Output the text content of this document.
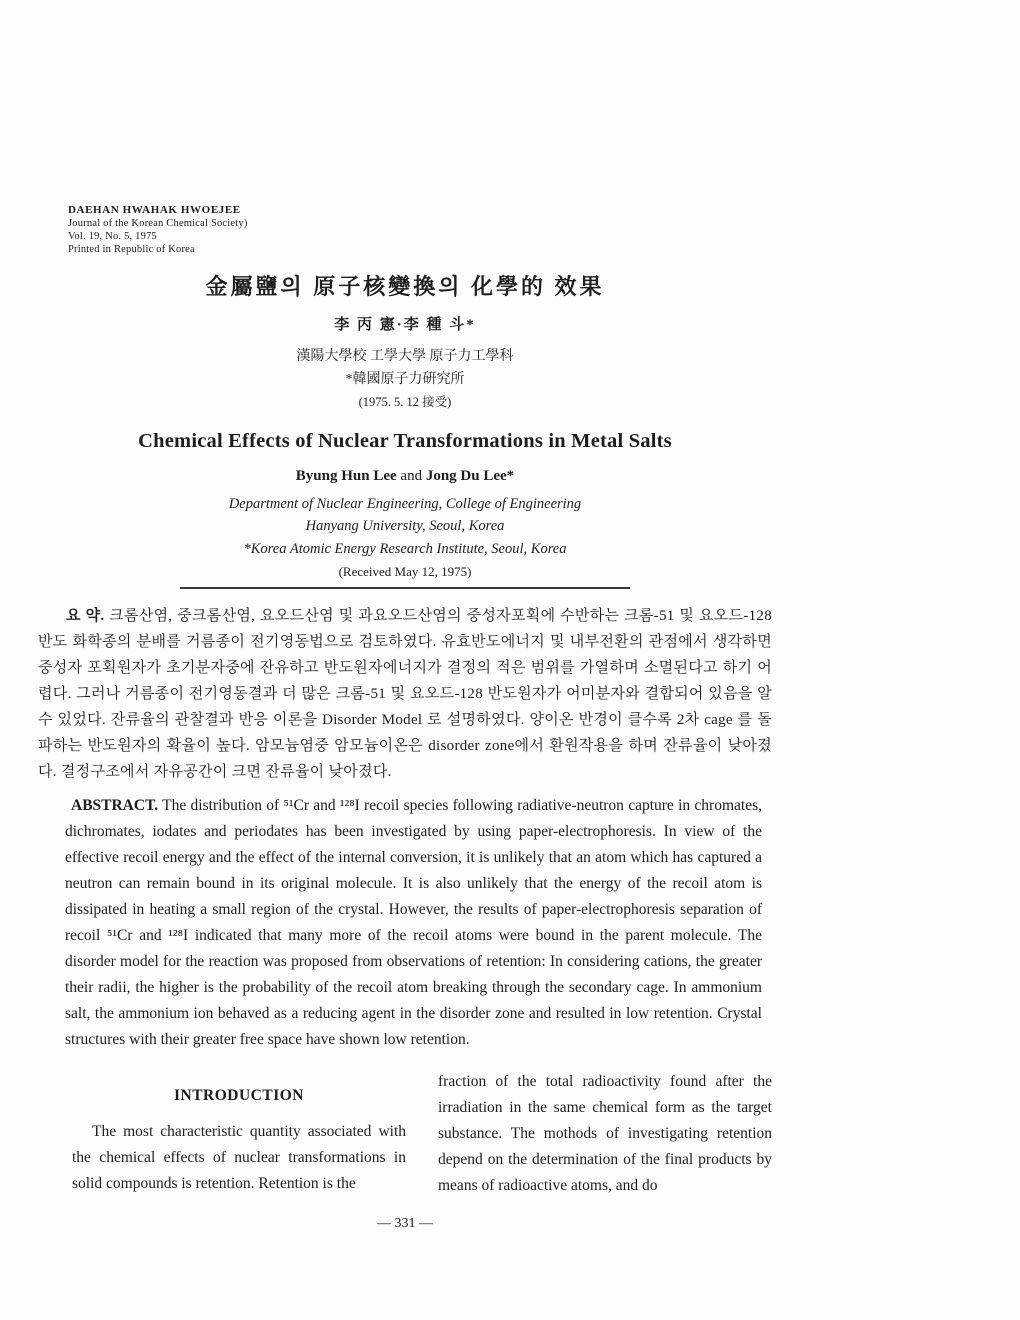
DAEHAN HWAHAK HWOEJEE
Journal of the Korean Chemical Society)
Vol. 19, No. 5, 1975
Printed in Republic of Korea
金屬鹽의 原子核變換의 化學的 效果
李 丙 憲·李 種 斗*
漢陽大學校 工學大學 原子力工學科
*韓國原子力硏究所
(1975. 5. 12 接受)
Chemical Effects of Nuclear Transformations in Metal Salts
Byung Hun Lee and Jong Du Lee*
Department of Nuclear Engineering, College of Engineering
Hanyang University, Seoul, Korea
*Korea Atomic Energy Research Institute, Seoul, Korea
(Received May 12, 1975)

요 약. 크롬산염, 중크롬산염, 요오드산염 및 과요오드산염의 중성자포획에 수반하는 크롬-51 및 요오드-128 반도 화학종의 분배를 거름종이 전기영동법으로 검토하였다. 유효반도에너지 및 내부전환의 관점에서 생각하면 중성자 포획원자가 초기분자중에 잔유하고 반도원자에너지가 결정의 적은 범위를 가열하며 소멸된다고 하기 어렵다. 그러나 거름종이 전기영동결과 더 많은 크롬-51 및 요오드-128 반도원자가 어미분자와 결합되어 있음을 알 수 있었다. 잔류율의 관찰결과 반응 이론을 Disorder Model 로 설명하였다. 양이온 반경이 클수록 2차 cage 를 돌파하는 반도원자의 확율이 높다. 암모늄염중 암모늄이온은 disorder zone에서 환원작용을 하며 잔류율이 낮아졌다. 결정구조에서 자유공간이 크면 잔류율이 낮아졌다.

ABSTRACT. The distribution of ⁵¹Cr and ¹²⁸I recoil species following radiative-neutron capture in chromates, dichromates, iodates and periodates has been investigated by using paper-electrophoresis. In view of the effective recoil energy and the effect of the internal conversion, it is unlikely that an atom which has captured a neutron can remain bound in its original molecule. It is also unlikely that the energy of the recoil atom is dissipated in heating a small region of the crystal. However, the results of paper-electrophoresis separation of recoil ⁵¹Cr and ¹²⁸I indicated that many more of the recoil atoms were bound in the parent molecule. The disorder model for the reaction was proposed from observations of retention: In considering cations, the greater their radii, the higher is the probability of the recoil atom breaking through the secondary cage. In ammonium salt, the ammonium ion behaved as a reducing agent in the disorder zone and resulted in low retention. Crystal structures with their greater free space have shown low retention.

INTRODUCTION

The most characteristic quantity associated with the chemical effects of nuclear transformations in solid compounds is retention. Retention is the

fraction of the total radioactivity found after the irradiation in the same chemical form as the target substance. The mothods of investigating retention depend on the determination of the final products by means of radioactive atoms, and do

— 331 —
